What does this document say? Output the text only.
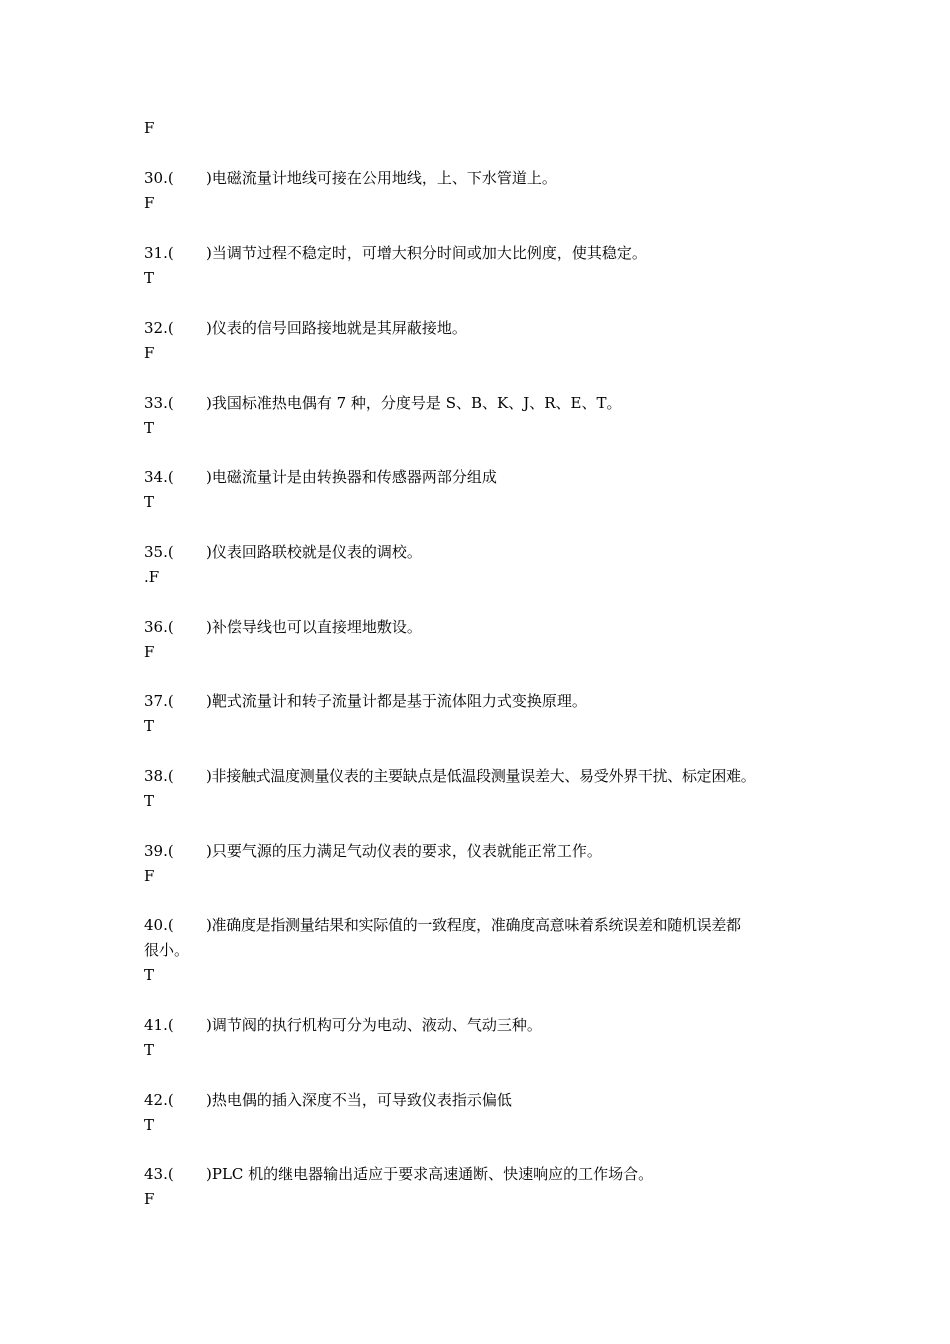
F
30.( )电磁流量计地线可接在公用地线，上、下水管道上。
F
31.( )当调节过程不稳定时，可增大积分时间或加大比例度，使其稳定。
T
32.( )仪表的信号回路接地就是其屏蔽接地。
F
33.( )我国标准热电偶有 7 种，分度号是 S、B、K、J、R、E、T。
T
34.( )电磁流量计是由转换器和传感器两部分组成
T
35.( )仪表回路联校就是仪表的调校。
.F
36.( )补偿导线也可以直接埋地敷设。
F
37.( )靶式流量计和转子流量计都是基于流体阻力式变换原理。
T
38.( )非接触式温度测量仪表的主要缺点是低温段测量误差大、易受外界干扰、标定困难。
T
39.( )只要气源的压力满足气动仪表的要求，仪表就能正常工作。
F
40.( )准确度是指测量结果和实际值的一致程度，准确度高意味着系统误差和随机误差都
很小。
T
41.( )调节阀的执行机构可分为电动、液动、气动三种。
T
42.( )热电偶的插入深度不当，可导致仪表指示偏低
T
43.( )PLC 机的继电器输出适应于要求高速通断、快速响应的工作场合。
F
